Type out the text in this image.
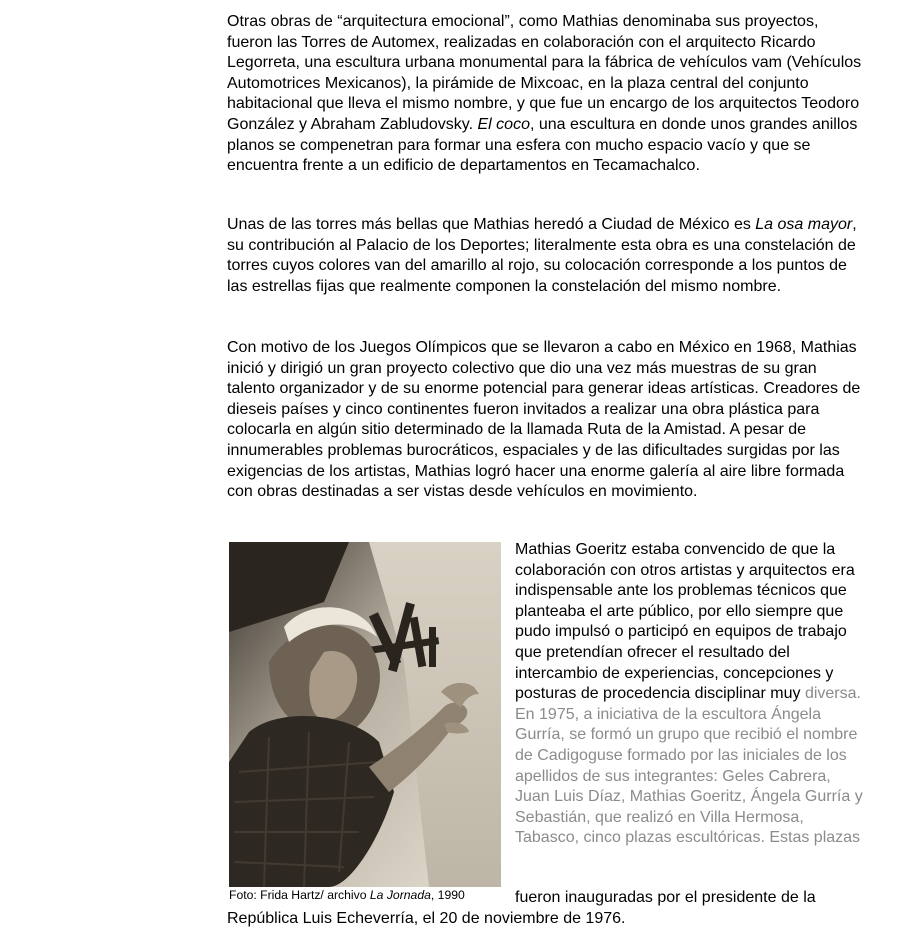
Otras obras de “arquitectura emocional”, como Mathias denominaba sus proyectos, fueron las Torres de Automex, realizadas en colaboración con el arquitecto Ricardo Legorreta, una escultura urbana monumental para la fábrica de vehículos vam (Vehículos Automotrices Mexicanos), la pirámide de Mixcoac, en la plaza central del conjunto habitacional que lleva el mismo nombre, y que fue un encargo de los arquitectos Teodoro González y Abraham Zabludovsky. El coco, una escultura en donde unos grandes anillos planos se compenetran para formar una esfera con mucho espacio vacío y que se encuentra frente a un edificio de departamentos en Tecamachalco.

Unas de las torres más bellas que Mathias heredó a Ciudad de México es La osa mayor, su contribución al Palacio de los Deportes; literalmente esta obra es una constelación de torres cuyos colores van del amarillo al rojo, su colocación corresponde a los puntos de las estrellas fijas que realmente componen la constelación del mismo nombre.

Con motivo de los Juegos Olímpicos que se llevaron a cabo en México en 1968, Mathias inició y dirigió un gran proyecto colectivo que dio una vez más muestras de su gran talento organizador y de su enorme potencial para generar ideas artísticas. Creadores de dieseis países y cinco continentes fueron invitados a realizar una obra plástica para colocarla en algún sitio determinado de la llamada Ruta de la Amistad. A pesar de innumerables problemas burocráticos, espaciales y de las dificultades surgidas por las exigencias de los artistas, Mathias logró hacer una enorme galería al aire libre formada con obras destinadas a ser vistas desde vehículos en movimiento.

Foto: Frida Hartz/ archivo La Jornada, 1990
Mathias Goeritz estaba convencido de que la colaboración con otros artistas y arquitectos era indispensable ante los problemas técnicos que planteaba el arte público, por ello siempre que pudo impulsó o participó en equipos de trabajo que pretendían ofrecer el resultado del intercambio de experiencias, concepciones y posturas de procedencia disciplinar muy diversa. En 1975, a iniciativa de la escultora Ángela Gurría, se formó un grupo que recibió el nombre de Cadigoguse formado por las iniciales de los apellidos de sus integrantes: Geles Cabrera, Juan Luis Díaz, Mathias Goeritz, Ángela Gurría y Sebastián, que realizó en Villa Hermosa, Tabasco, cinco plazas escultóricas. Estas plazas
fueron inauguradas por el presidente de la
República Luis Echeverría, el 20 de noviembre de 1976.
